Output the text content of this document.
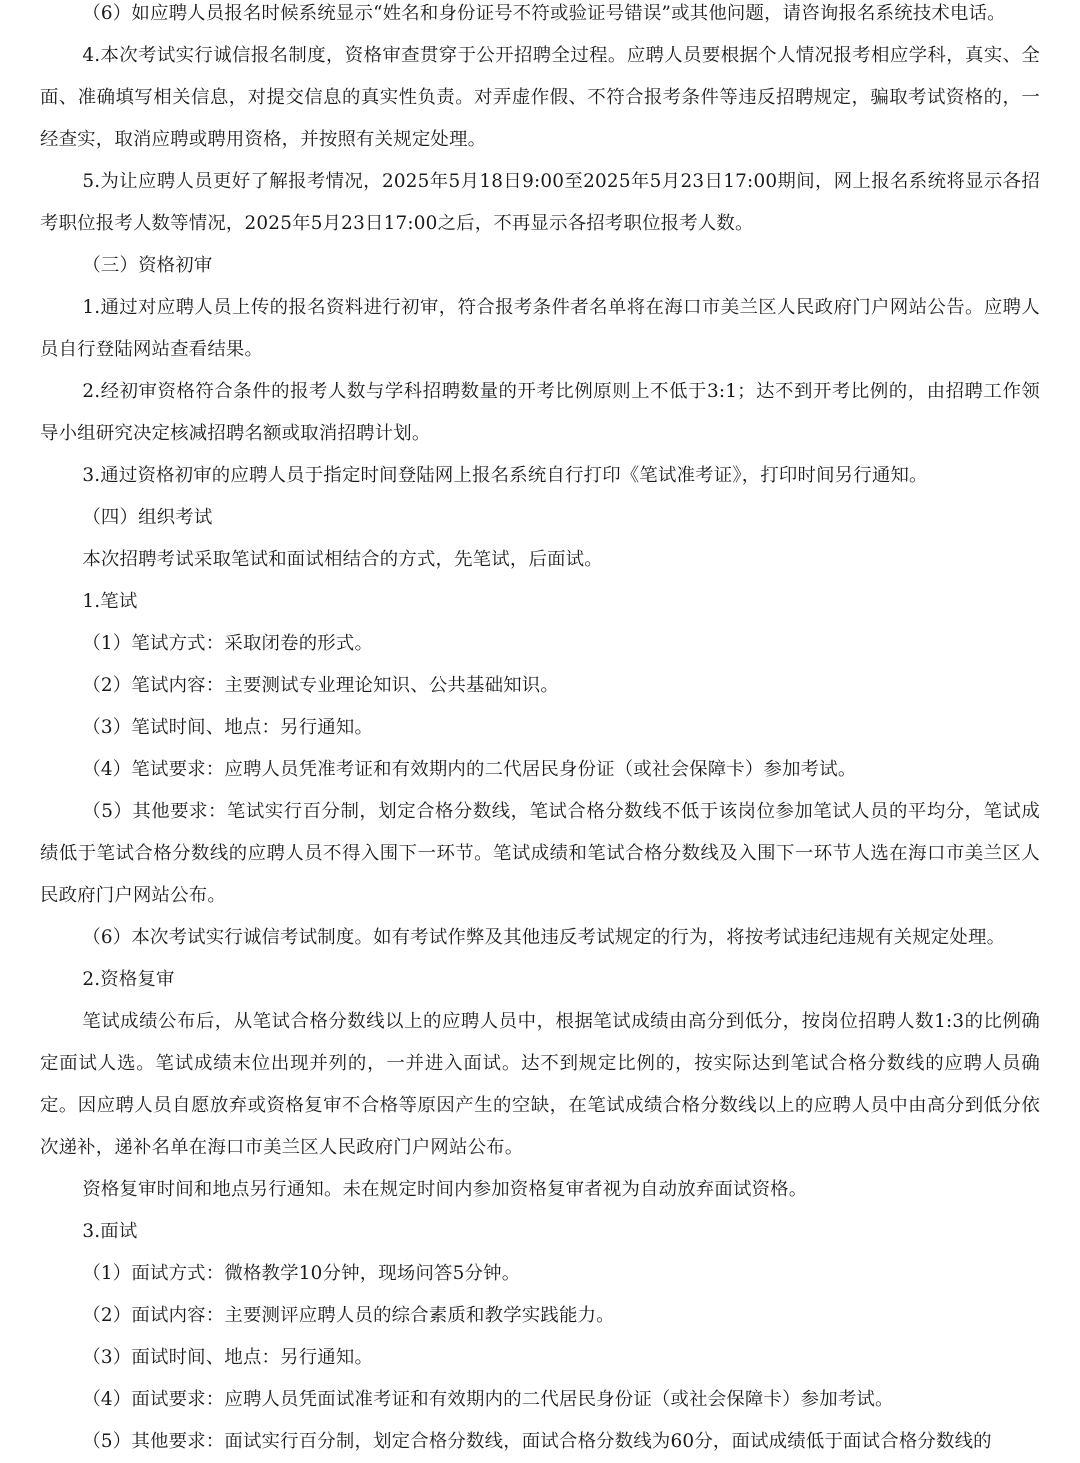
（6）如应聘人员报名时候系统显示“姓名和身份证号不符或验证号错误”或其他问题，请咨询报名系统技术电话。

4.本次考试实行诚信报名制度，资格审查贯穿于公开招聘全过程。应聘人员要根据个人情况报考相应学科，真实、全面、准确填写相关信息，对提交信息的真实性负责。对弄虚作假、不符合报考条件等违反招聘规定，骗取考试资格的，一经查实，取消应聘或聘用资格，并按照有关规定处理。

5.为让应聘人员更好了解报考情况，2025年5月18日9:00至2025年5月23日17:00期间，网上报名系统将显示各招考职位报考人数等情况，2025年5月23日17:00之后，不再显示各招考职位报考人数。

（三）资格初审

1.通过对应聘人员上传的报名资料进行初审，符合报考条件者名单将在海口市美兰区人民政府门户网站公告。应聘人员自行登陆网站查看结果。

2.经初审资格符合条件的报考人数与学科招聘数量的开考比例原则上不低于3:1；达不到开考比例的，由招聘工作领导小组研究决定核减招聘名额或取消招聘计划。

3.通过资格初审的应聘人员于指定时间登陆网上报名系统自行打印《笔试准考证》，打印时间另行通知。

（四）组织考试

本次招聘考试采取笔试和面试相结合的方式，先笔试，后面试。

1.笔试

（1）笔试方式：采取闭卷的形式。

（2）笔试内容：主要测试专业理论知识、公共基础知识。

（3）笔试时间、地点：另行通知。

（4）笔试要求：应聘人员凭准考证和有效期内的二代居民身份证（或社会保障卡）参加考试。

（5）其他要求：笔试实行百分制，划定合格分数线，笔试合格分数线不低于该岗位参加笔试人员的平均分，笔试成绩低于笔试合格分数线的应聘人员不得入围下一环节。笔试成绩和笔试合格分数线及入围下一环节人选在海口市美兰区人民政府门户网站公布。

（6）本次考试实行诚信考试制度。如有考试作弊及其他违反考试规定的行为，将按考试违纪违规有关规定处理。

2.资格复审

笔试成绩公布后，从笔试合格分数线以上的应聘人员中，根据笔试成绩由高分到低分，按岗位招聘人数1:3的比例确定面试人选。笔试成绩末位出现并列的，一并进入面试。达不到规定比例的，按实际达到笔试合格分数线的应聘人员确定。因应聘人员自愿放弃或资格复审不合格等原因产生的空缺，在笔试成绩合格分数线以上的应聘人员中由高分到低分依次递补，递补名单在海口市美兰区人民政府门户网站公布。

资格复审时间和地点另行通知。未在规定时间内参加资格复审者视为自动放弃面试资格。

3.面试

（1）面试方式：微格教学10分钟，现场问答5分钟。

（2）面试内容：主要测评应聘人员的综合素质和教学实践能力。

（3）面试时间、地点：另行通知。

（4）面试要求：应聘人员凭面试准考证和有效期内的二代居民身份证（或社会保障卡）参加考试。

（5）其他要求：面试实行百分制，划定合格分数线，面试合格分数线为60分，面试成绩低于面试合格分数线的
